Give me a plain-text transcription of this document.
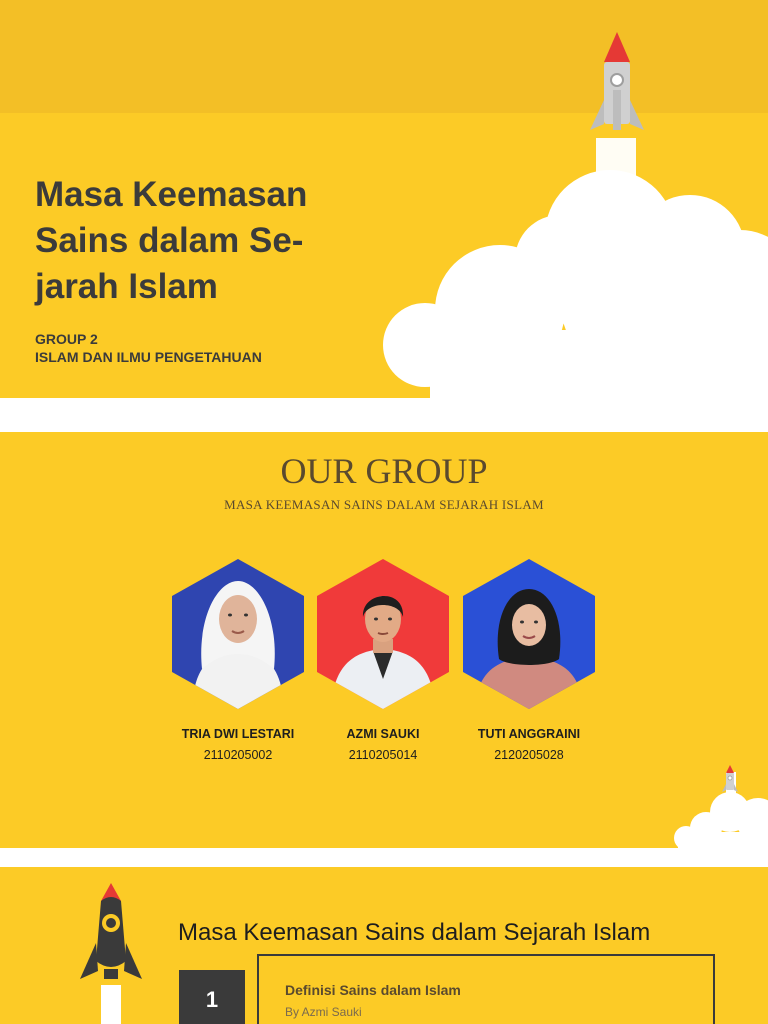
Masa Keemasan Sains dalam Se-jarah Islam
GROUP 2
ISLAM DAN ILMU PENGETAHUAN
OUR GROUP
MASA KEEMASAN SAINS DALAM SEJARAH ISLAM
TRIA DWI LESTARI
2110205002
AZMI SAUKI
2110205014
TUTI ANGGRAINI
2120205028
Masa Keemasan Sains dalam Sejarah Islam
1	Definisi Sains dalam Islam
By Azmi Sauki
